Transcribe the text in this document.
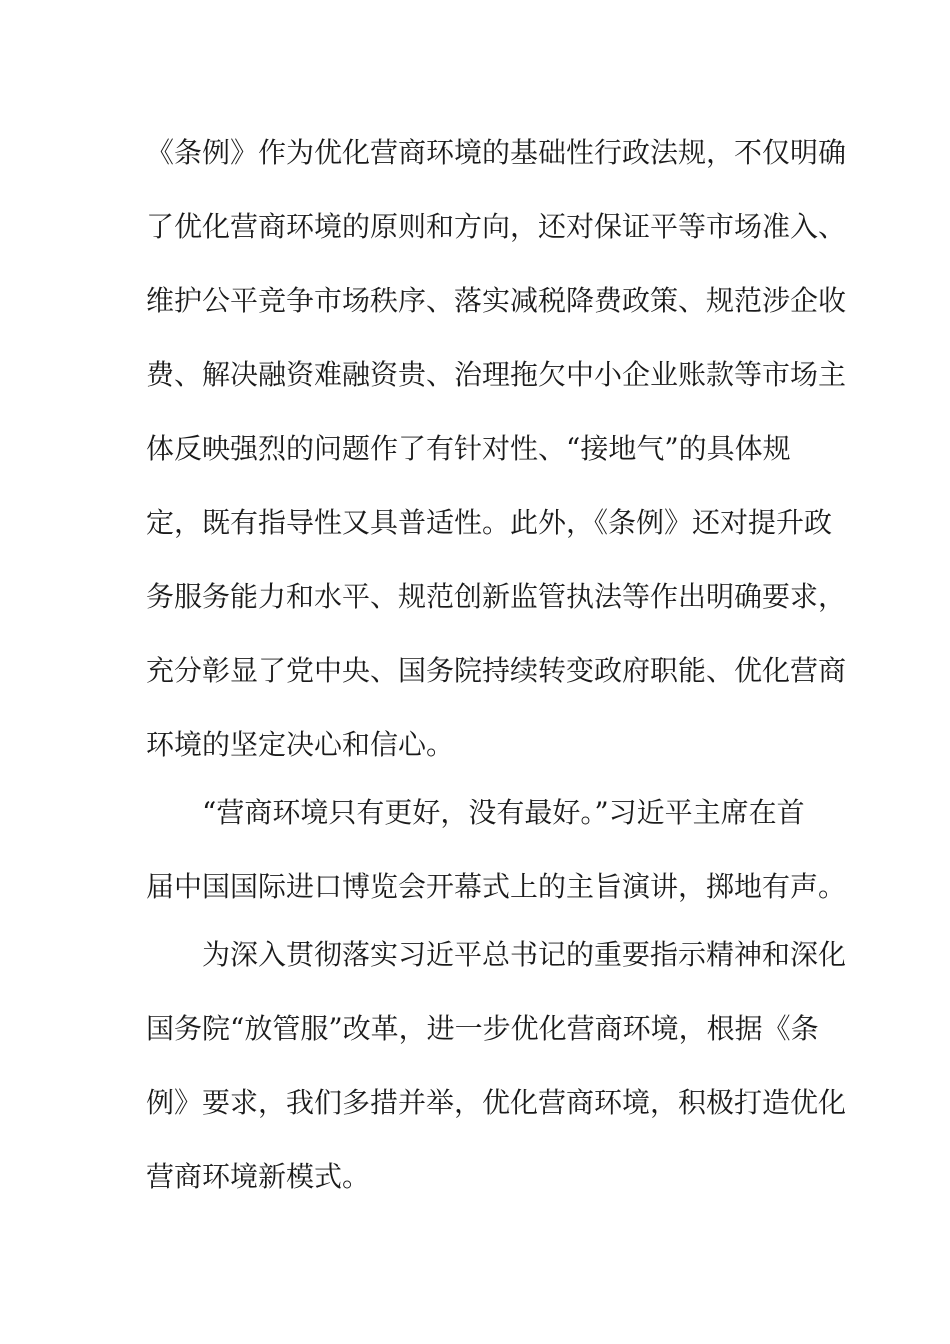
《条例》作为优化营商环境的基础性行政法规，不仅明确
了优化营商环境的原则和方向，还对保证平等市场准入、
维护公平竞争市场秩序、落实减税降费政策、规范涉企收
费、解决融资难融资贵、治理拖欠中小企业账款等市场主
体反映强烈的问题作了有针对性、“接地气”的具体规
定，既有指导性又具普适性。此外，《条例》还对提升政
务服务能力和水平、规范创新监管执法等作出明确要求，
充分彰显了党中央、国务院持续转变政府职能、优化营商
环境的坚定决心和信心。
“营商环境只有更好，没有最好。”习近平主席在首
届中国国际进口博览会开幕式上的主旨演讲，掷地有声。
为深入贯彻落实习近平总书记的重要指示精神和深化
国务院“放管服”改革，进一步优化营商环境，根据《条
例》要求，我们多措并举，优化营商环境，积极打造优化
营商环境新模式。
